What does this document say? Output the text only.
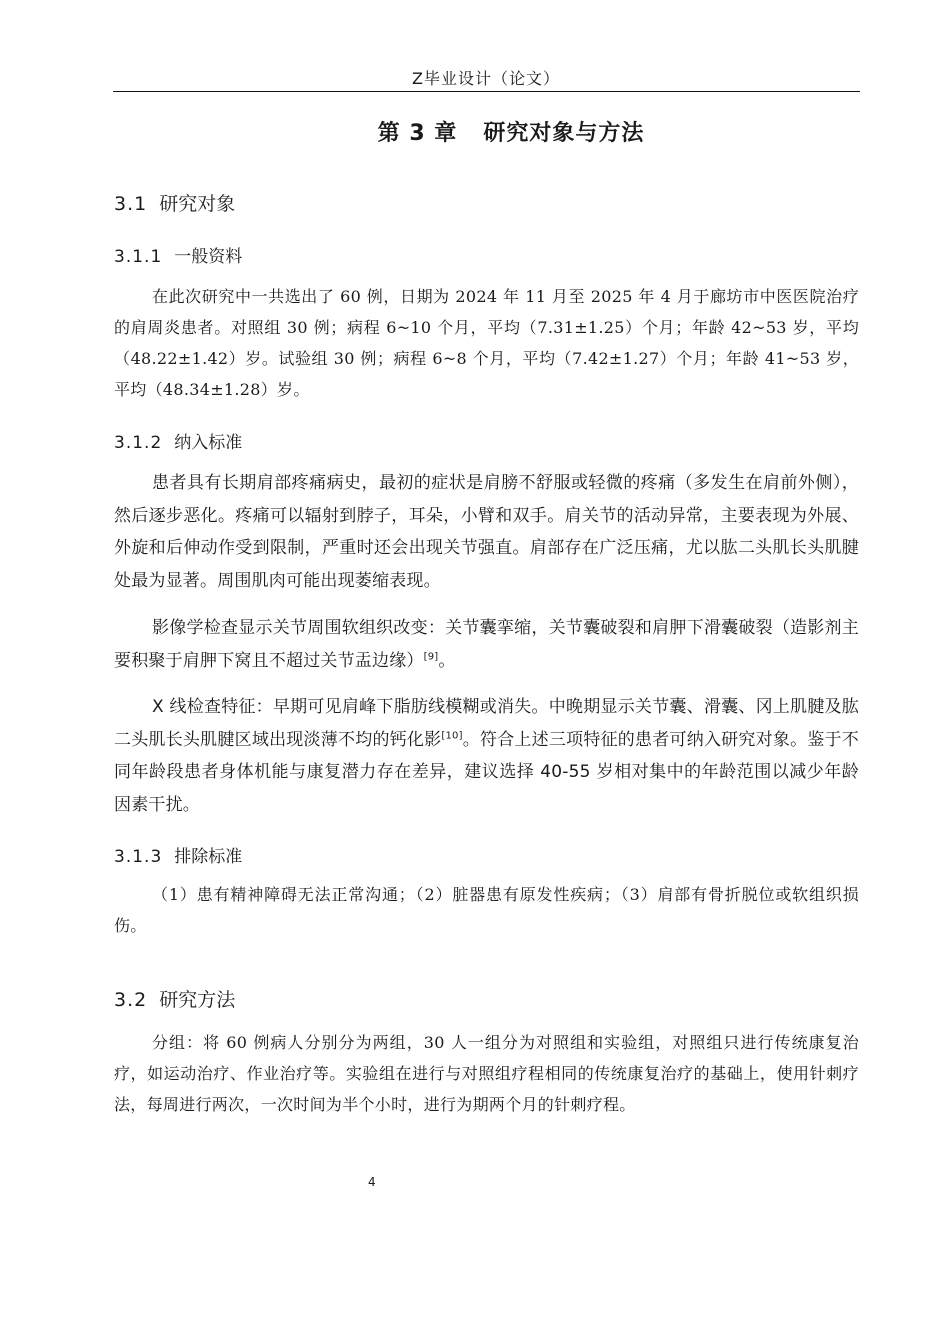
Z毕业设计（论文）
第 3 章 研究对象与方法
3.1 研究对象
3.1.1 一般资料

在此次研究中一共选出了 60 例，日期为 2024 年 11 月至 2025 年 4 月于廊坊市中医医院治疗的肩周炎患者。对照组 30 例；病程 6~10 个月，平均（7.31±1.25）个月；年龄 42~53 岁，平均（48.22±1.42）岁。试验组 30 例；病程 6~8 个月，平均（7.42±1.27）个月；年龄 41~53 岁，平均（48.34±1.28）岁。

3.1.2 纳入标准

患者具有长期肩部疼痛病史，最初的症状是肩膀不舒服或轻微的疼痛（多发生在肩前外侧），然后逐步恶化。疼痛可以辐射到脖子，耳朵，小臂和双手。肩关节的活动异常，主要表现为外展、外旋和后伸动作受到限制，严重时还会出现关节强直。肩部存在广泛压痛，尤以肱二头肌长头肌腱处最为显著。周围肌肉可能出现萎缩表现。

影像学检查显示关节周围软组织改变：关节囊挛缩，关节囊破裂和肩胛下滑囊破裂（造影剂主要积聚于肩胛下窝且不超过关节盂边缘）[9]。

X 线检查特征：早期可见肩峰下脂肪线模糊或消失。中晚期显示关节囊、滑囊、冈上肌腱及肱二头肌长头肌腱区域出现淡薄不均的钙化影[10]。符合上述三项特征的患者可纳入研究对象。鉴于不同年龄段患者身体机能与康复潜力存在差异，建议选择 40-55 岁相对集中的年龄范围以减少年龄因素干扰。

3.1.3 排除标准

（1）患有精神障碍无法正常沟通；（2）脏器患有原发性疾病；（3）肩部有骨折脱位或软组织损伤。

3.2 研究方法

分组：将 60 例病人分别分为两组，30 人一组分为对照组和实验组，对照组只进行传统康复治疗，如运动治疗、作业治疗等。实验组在进行与对照组疗程相同的传统康复治疗的基础上，使用针刺疗法，每周进行两次，一次时间为半个小时，进行为期两个月的针刺疗程。

4
